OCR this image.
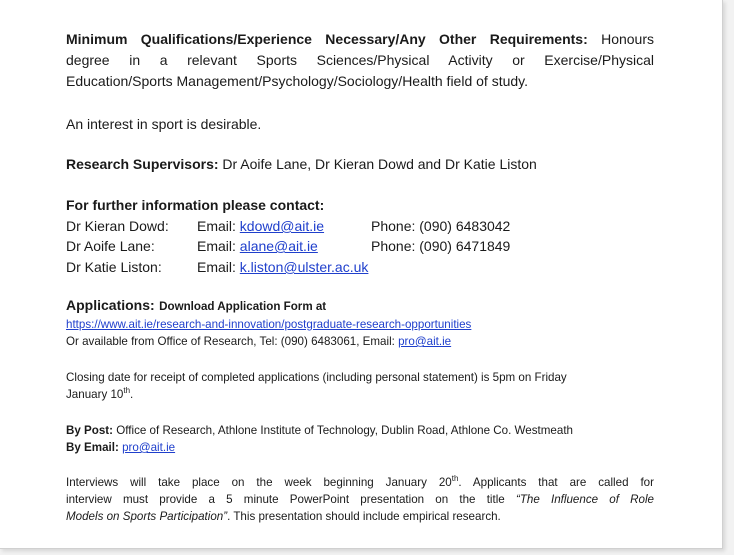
Minimum Qualifications/Experience Necessary/Any Other Requirements: Honours
degree in a relevant Sports Sciences/Physical Activity or Exercise/Physical
Education/Sports Management/Psychology/Sociology/Health field of study.
An interest in sport is desirable.
Research Supervisors: Dr Aoife Lane, Dr Kieran Dowd and Dr Katie Liston
For further information please contact:
Dr Kieran Dowd: Email: kdowd@ait.ie	Phone: (090) 6483042
Dr Aoife Lane:	Email: alane@ait.ie	Phone: (090) 6471849
Dr Katie Liston:	Email: k.liston@ulster.ac.uk
Applications: Download Application Form at
https://www.ait.ie/research-and-innovation/postgraduate-research-opportunities
Or available from Office of Research, Tel: (090) 6483061, Email: pro@ait.ie
Closing date for receipt of completed applications (including personal statement) is 5pm on Friday
January 10th.
By Post: Office of Research, Athlone Institute of Technology, Dublin Road, Athlone Co. Westmeath
By Email: pro@ait.ie
Interviews will take place on the week beginning January 20th. Applicants that are called for
interview must provide a 5 minute PowerPoint presentation on the title “The Influence of Role
Models on Sports Participation”. This presentation should include empirical research.
